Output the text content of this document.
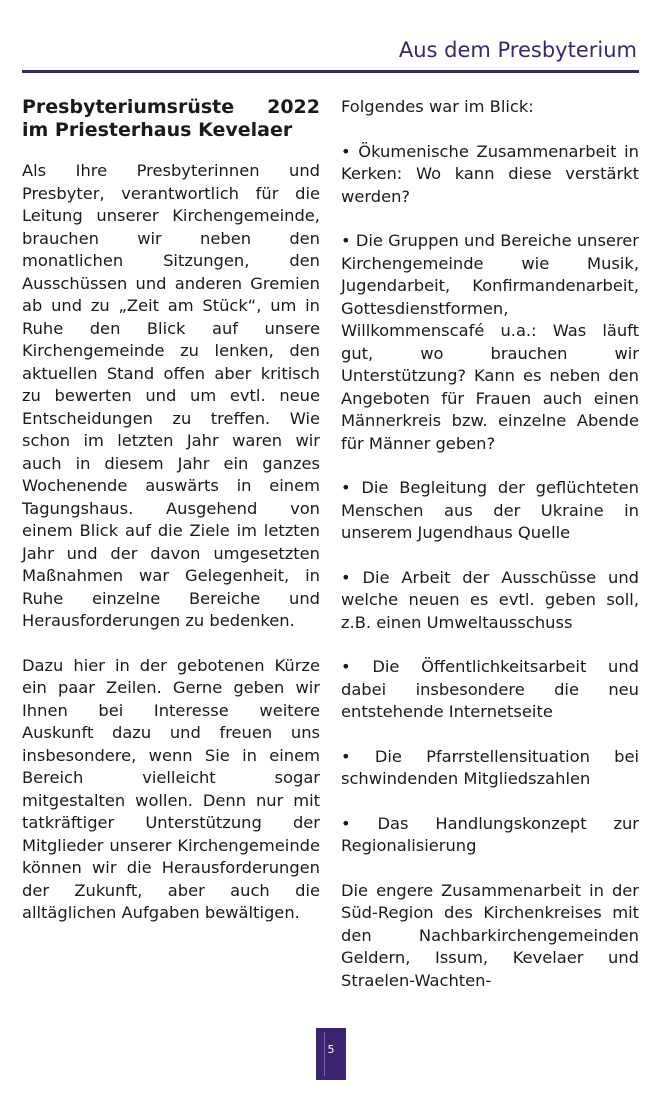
Aus dem Presbyterium
Presbyteriumsrüste 2022
im Priesterhaus Kevelaer

Als Ihre Presbyterinnen und Presbyter, verantwortlich für die Leitung unserer Kirchengemeinde, brauchen wir neben den monatlichen Sitzungen, den Ausschüssen und anderen Gremien ab und zu „Zeit am Stück“, um in Ruhe den Blick auf unsere Kirchengemeinde zu lenken, den aktuellen Stand offen aber kritisch zu bewerten und um evtl. neue Entscheidungen zu treffen. Wie schon im letzten Jahr waren wir auch in diesem Jahr ein ganzes Wochenende auswärts in einem Tagungshaus. Ausgehend von einem Blick auf die Ziele im letzten Jahr und der davon umgesetzten Maßnahmen war Gelegenheit, in Ruhe einzelne Bereiche und Herausforderungen zu bedenken.

Dazu hier in der gebotenen Kürze ein paar Zeilen. Gerne geben wir Ihnen bei Interesse weitere Auskunft dazu und freuen uns insbesondere, wenn Sie in einem Bereich vielleicht sogar mitgestalten wollen. Denn nur mit tatkräftiger Unterstützung der Mitglieder unserer Kirchengemeinde können wir die Herausforderungen der Zukunft, aber auch die alltäglichen Aufgaben bewältigen.

Folgendes war im Blick:

• Ökumenische Zusammenarbeit in Kerken: Wo kann diese verstärkt werden?

• Die Gruppen und Bereiche unserer Kirchengemeinde wie Musik, Jugendarbeit, Konfirmandenarbeit, Gottesdienstformen, Willkommenscafé u.a.: Was läuft gut, wo brauchen wir Unterstützung? Kann es neben den Angeboten für Frauen auch einen Männerkreis bzw. einzelne Abende für Männer geben?

• Die Begleitung der geflüchteten Menschen aus der Ukraine in unserem Jugendhaus Quelle

• Die Arbeit der Ausschüsse und welche neuen es evtl. geben soll, z.B. einen Umweltausschuss

• Die Öffentlichkeitsarbeit und dabei insbesondere die neu entstehende Internetseite

• Die Pfarrstellensituation bei schwindenden Mitgliedszahlen

• Das Handlungskonzept zur Regionalisierung

Die engere Zusammenarbeit in der Süd-Region des Kirchenkreises mit den Nachbarkirchengemeinden Geldern, Issum, Kevelaer und Straelen-Wachten-

5
